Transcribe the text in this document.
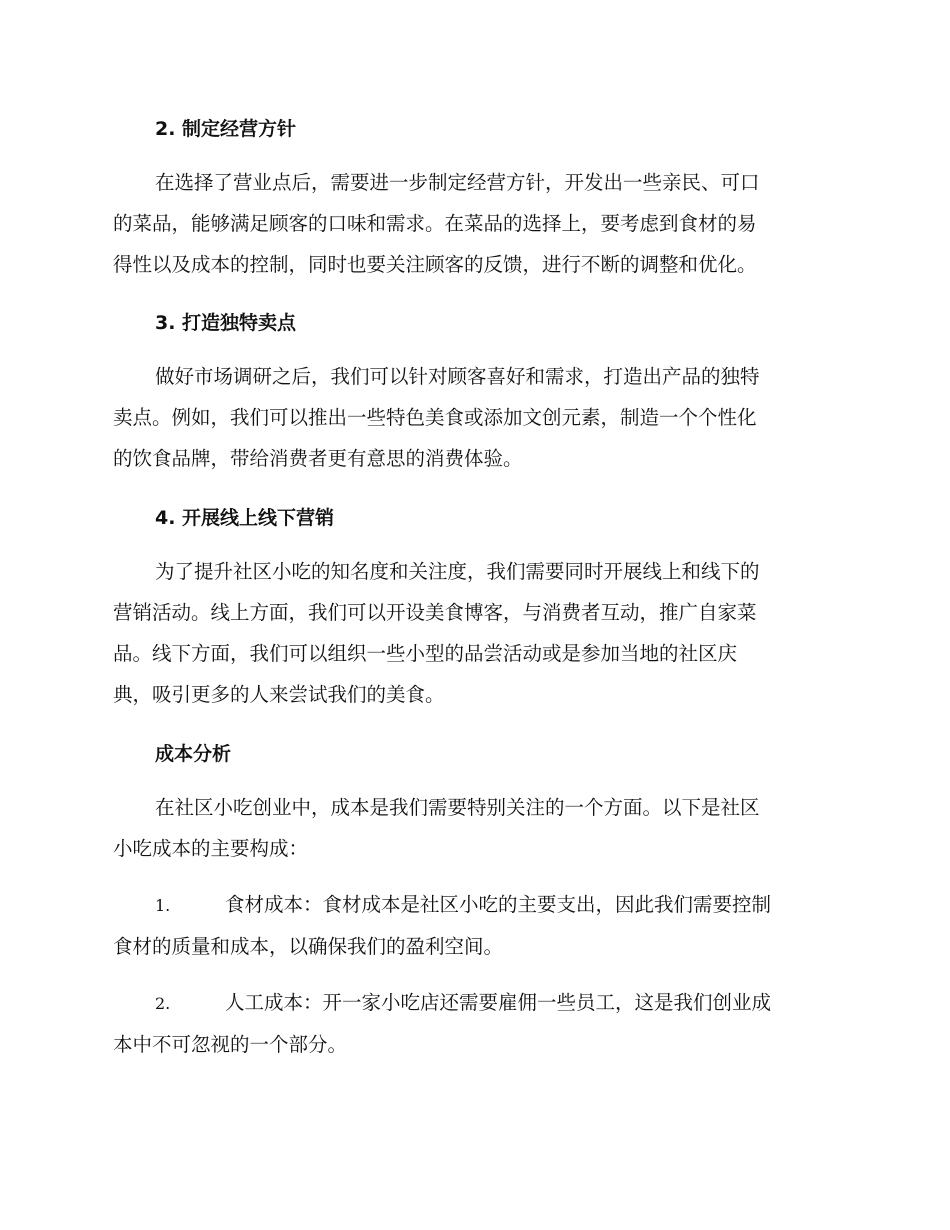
2. 制定经营方针
在选择了营业点后，需要进一步制定经营方针，开发出一些亲民、可口
的菜品，能够满足顾客的口味和需求。在菜品的选择上，要考虑到食材的易
得性以及成本的控制，同时也要关注顾客的反馈，进行不断的调整和优化。
3. 打造独特卖点
做好市场调研之后，我们可以针对顾客喜好和需求，打造出产品的独特
卖点。例如，我们可以推出一些特色美食或添加文创元素，制造一个个性化
的饮食品牌，带给消费者更有意思的消费体验。
4. 开展线上线下营销
为了提升社区小吃的知名度和关注度，我们需要同时开展线上和线下的
营销活动。线上方面，我们可以开设美食博客，与消费者互动，推广自家菜
品。线下方面，我们可以组织一些小型的品尝活动或是参加当地的社区庆
典，吸引更多的人来尝试我们的美食。
成本分析
在社区小吃创业中，成本是我们需要特别关注的一个方面。以下是社区
小吃成本的主要构成：
1.	食材成本：食材成本是社区小吃的主要支出，因此我们需要控制
食材的质量和成本，以确保我们的盈利空间。
2.	人工成本：开一家小吃店还需要雇佣一些员工，这是我们创业成
本中不可忽视的一个部分。
